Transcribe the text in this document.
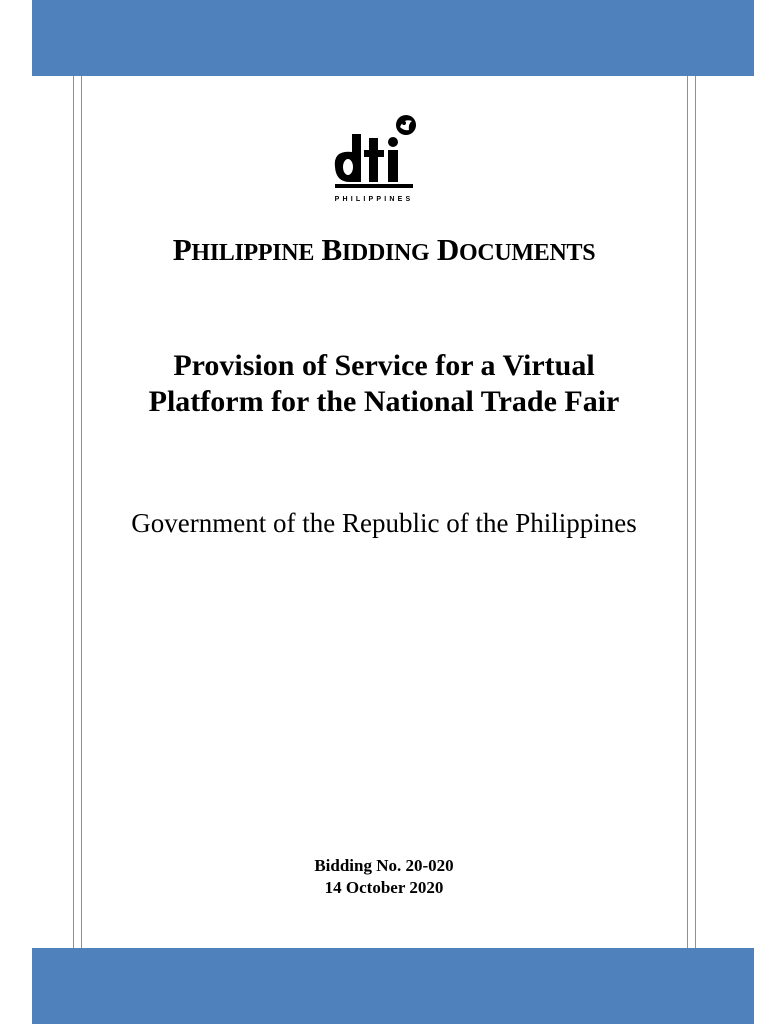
PHILIPPINES
PHILIPPINE BIDDING DOCUMENTS
Provision of Service for a Virtual
Platform for the National Trade Fair
Government of the Republic of the Philippines
Bidding No. 20-020
14 October 2020
